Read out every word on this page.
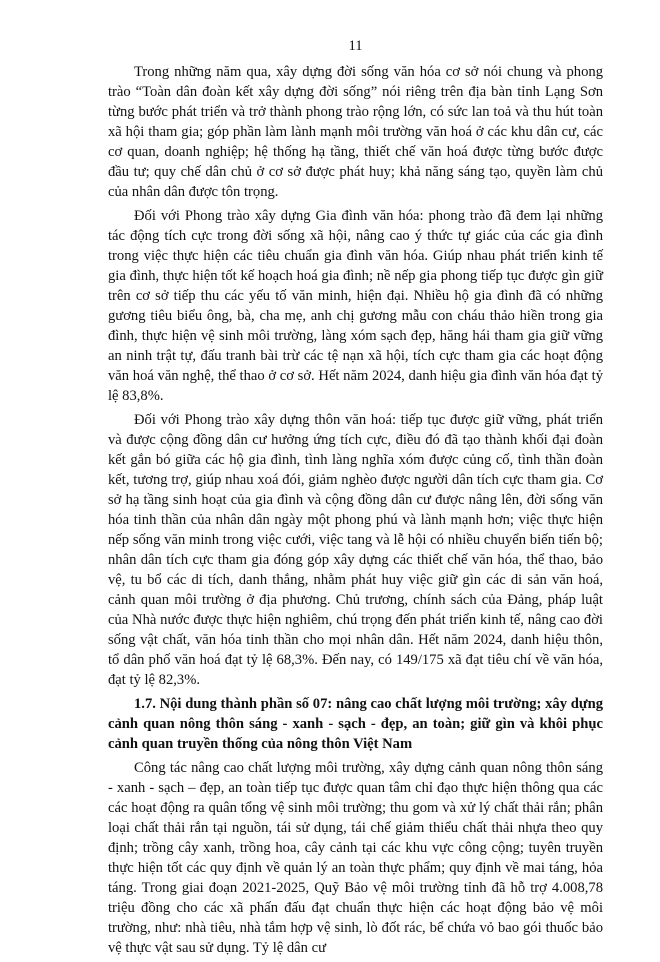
11

Trong những năm qua, xây dựng đời sống văn hóa cơ sở nói chung và phong trào “Toàn dân đoàn kết xây dựng đời sống” nói riêng trên địa bàn tỉnh Lạng Sơn từng bước phát triển và trở thành phong trào rộng lớn, có sức lan toả và thu hút toàn xã hội tham gia; góp phần làm lành mạnh môi trường văn hoá ở các khu dân cư, các cơ quan, doanh nghiệp; hệ thống hạ tầng, thiết chế văn hoá được từng bước được đầu tư; quy chế dân chủ ở cơ sở được phát huy; khả năng sáng tạo, quyền làm chủ của nhân dân được tôn trọng.

Đối với Phong trào xây dựng Gia đình văn hóa: phong trào đã đem lại những tác động tích cực trong đời sống xã hội, nâng cao ý thức tự giác của các gia đình trong việc thực hiện các tiêu chuẩn gia đình văn hóa. Giúp nhau phát triển kinh tế gia đình, thực hiện tốt kế hoạch hoá gia đình; nề nếp gia phong tiếp tục được gìn giữ trên cơ sở tiếp thu các yếu tố văn minh, hiện đại. Nhiều hộ gia đình đã có những gương tiêu biểu ông, bà, cha mẹ, anh chị gương mẫu con cháu thảo hiền trong gia đình, thực hiện vệ sinh môi trường, làng xóm sạch đẹp, hăng hái tham gia giữ vững an ninh trật tự, đấu tranh bài trừ các tệ nạn xã hội, tích cực tham gia các hoạt động văn hoá văn nghệ, thể thao ở cơ sở. Hết năm 2024, danh hiệu gia đình văn hóa đạt tỷ lệ 83,8%.

Đối với Phong trào xây dựng thôn văn hoá: tiếp tục được giữ vững, phát triển và được cộng đồng dân cư hưởng ứng tích cực, điều đó đã tạo thành khối đại đoàn kết gắn bó giữa các hộ gia đình, tình làng nghĩa xóm được củng cố, tình thần đoàn kết, tương trợ, giúp nhau xoá đói, giảm nghèo được người dân tích cực tham gia. Cơ sở hạ tầng sinh hoạt của gia đình và cộng đồng dân cư được nâng lên, đời sống văn hóa tinh thần của nhân dân ngày một phong phú và lành mạnh hơn; việc thực hiện nếp sống văn minh trong việc cưới, việc tang và lễ hội có nhiều chuyển biến tiến bộ; nhân dân tích cực tham gia đóng góp xây dựng các thiết chế văn hóa, thể thao, bảo vệ, tu bổ các di tích, danh thắng, nhằm phát huy việc giữ gìn các di sản văn hoá, cảnh quan môi trường ở địa phương. Chủ trương, chính sách của Đảng, pháp luật của Nhà nước được thực hiện nghiêm, chú trọng đến phát triển kinh tế, nâng cao đời sống vật chất, văn hóa tinh thần cho mọi nhân dân. Hết năm 2024, danh hiệu thôn, tổ dân phố văn hoá đạt tỷ lệ 68,3%. Đến nay, có 149/175 xã đạt tiêu chí về văn hóa, đạt tỷ lệ 82,3%.

1.7. Nội dung thành phần số 07: nâng cao chất lượng môi trường; xây dựng cảnh quan nông thôn sáng - xanh - sạch - đẹp, an toàn; giữ gìn và khôi phục cảnh quan truyền thống của nông thôn Việt Nam

Công tác nâng cao chất lượng môi trường, xây dựng cảnh quan nông thôn sáng - xanh - sạch – đẹp, an toàn tiếp tục được quan tâm chỉ đạo thực hiện thông qua các các hoạt động ra quân tổng vệ sinh môi trường; thu gom và xử lý chất thải rắn; phân loại chất thải rắn tại nguồn, tái sử dụng, tái chế giảm thiểu chất thải nhựa theo quy định; trồng cây xanh, trồng hoa, cây cảnh tại các khu vực công cộng; tuyên truyền thực hiện tốt các quy định về quản lý an toàn thực phẩm; quy định về mai táng, hỏa táng. Trong giai đoạn 2021-2025, Quỹ Bảo vệ môi trường tỉnh đã hỗ trợ 4.008,78 triệu đồng cho các xã phấn đấu đạt chuẩn thực hiện các hoạt động bảo vệ môi trường, như: nhà tiêu, nhà tắm hợp vệ sinh, lò đốt rác, bể chứa vỏ bao gói thuốc bảo vệ thực vật sau sử dụng. Tỷ lệ dân cư
